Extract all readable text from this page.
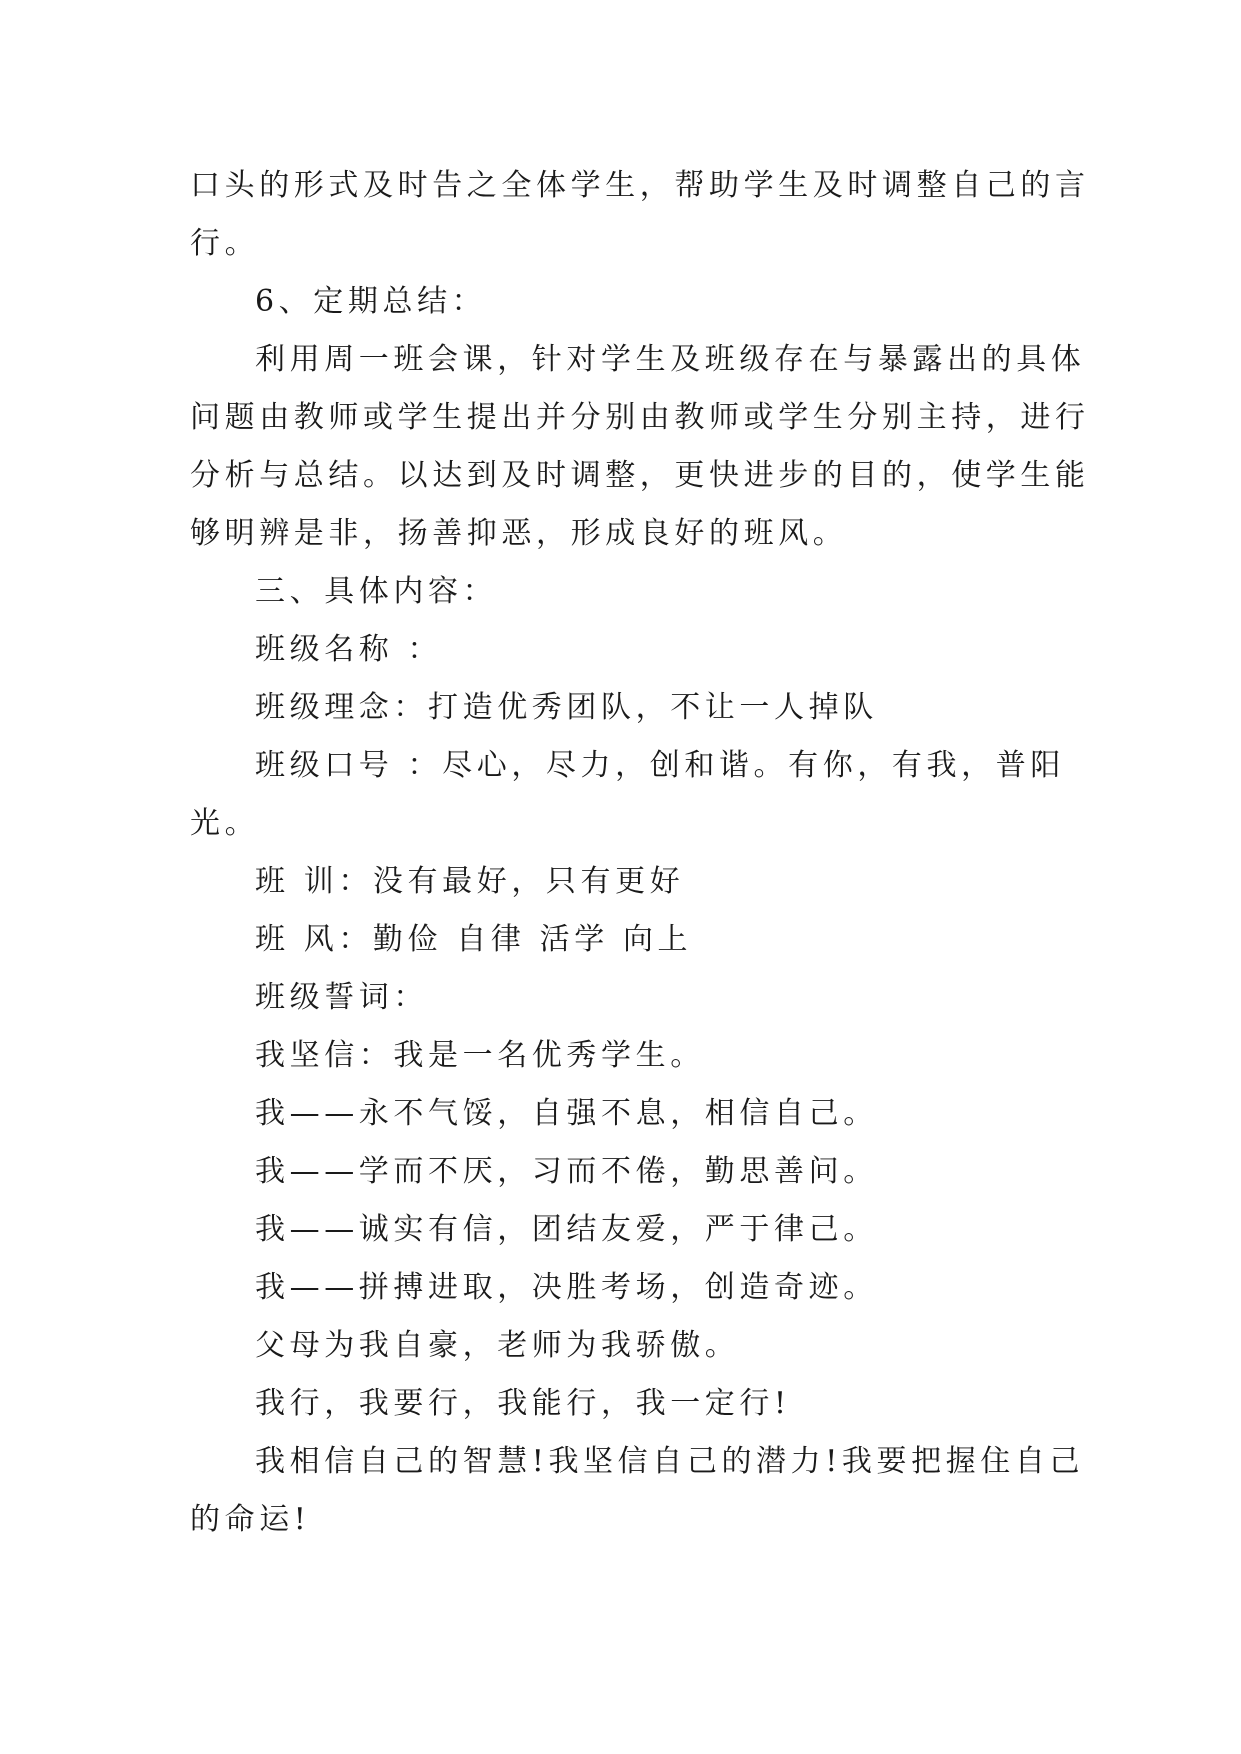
口头的形式及时告之全体学生，帮助学生及时调整自己的言
行。
6、定期总结：
利用周一班会课，针对学生及班级存在与暴露出的具体
问题由教师或学生提出并分别由教师或学生分别主持，进行
分析与总结。以达到及时调整，更快进步的目的，使学生能
够明辨是非，扬善抑恶，形成良好的班风。
三、具体内容：
班级名称 ：
班级理念：打造优秀团队，不让一人掉队
班级口号 ：尽心，尽力，创和谐。有你，有我，普阳
光。
班 训：没有最好，只有更好
班 风：勤俭 自律 活学 向上
班级誓词：
我坚信：我是一名优秀学生。
我——永不气馁，自强不息，相信自己。
我——学而不厌，习而不倦，勤思善问。
我——诚实有信，团结友爱，严于律己。
我——拼搏进取，决胜考场，创造奇迹。
父母为我自豪，老师为我骄傲。
我行，我要行，我能行，我一定行!
我相信自己的智慧!我坚信自己的潜力!我要把握住自己
的命运!
